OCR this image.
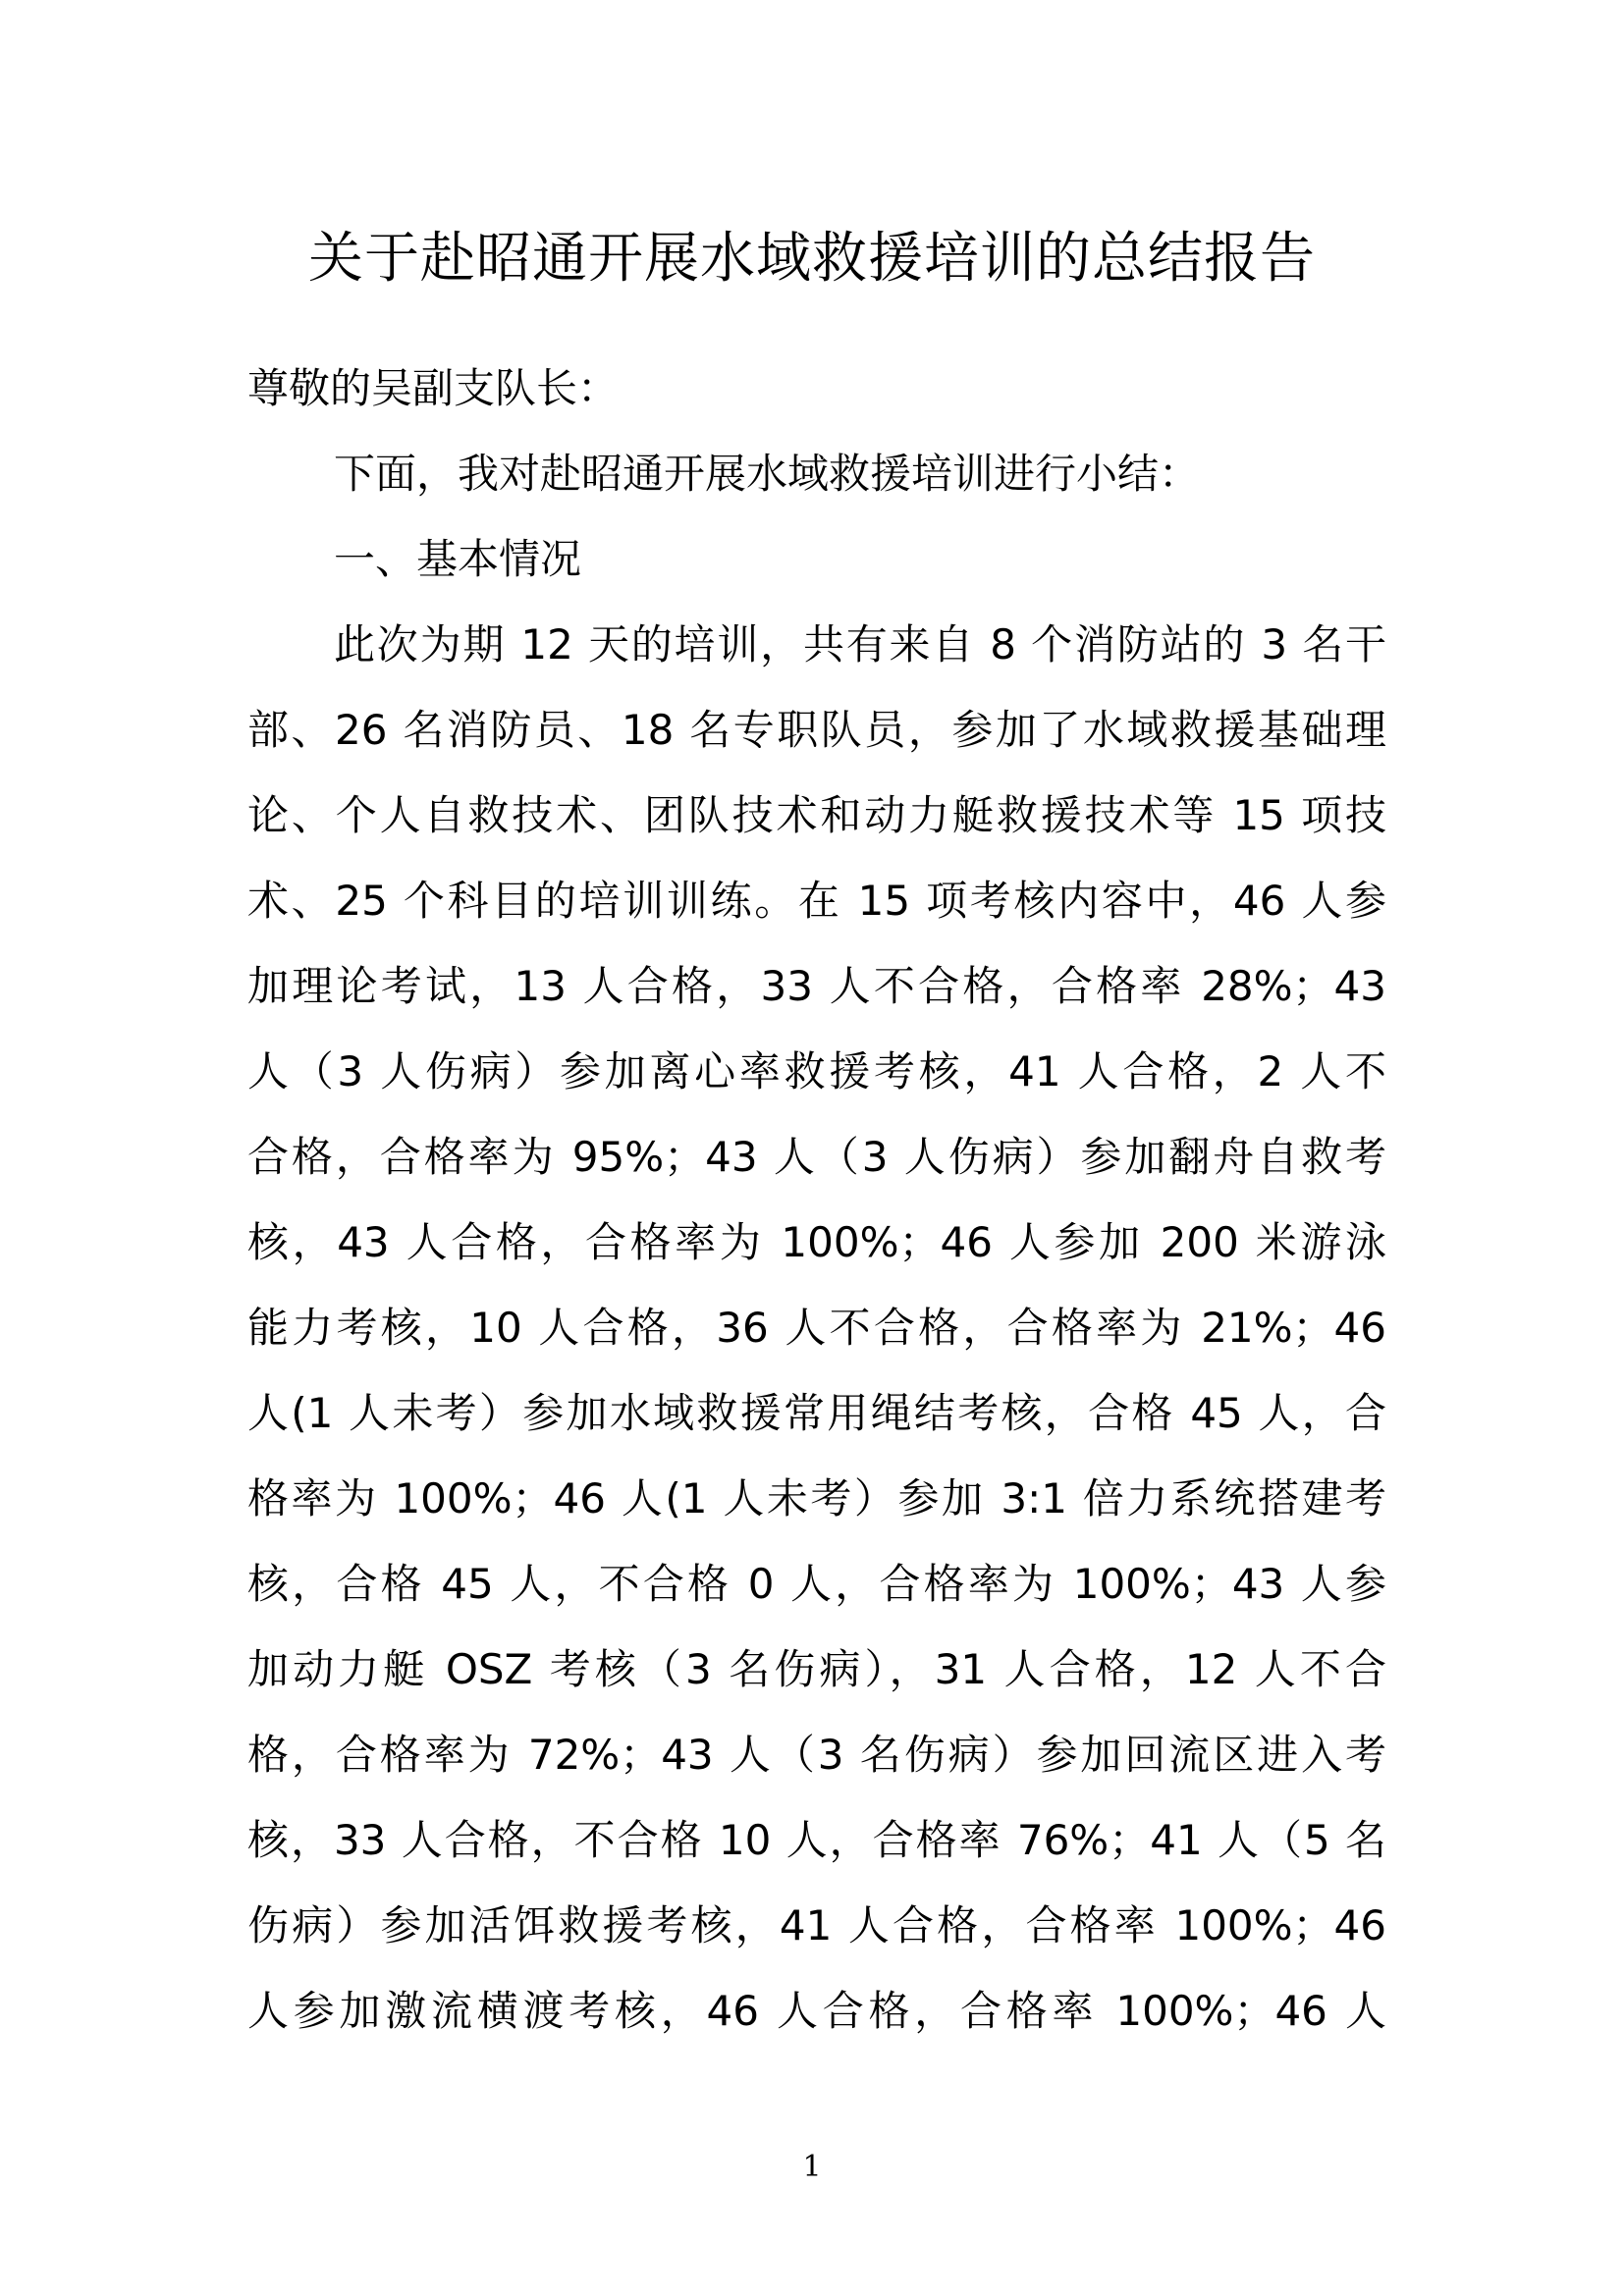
关于赴昭通开展水域救援培训的总结报告
尊敬的吴副支队长：
下面，我对赴昭通开展水域救援培训进行小结：
一、基本情况
此次为期 12 天的培训，共有来自 8 个消防站的 3 名干
部、26 名消防员、18 名专职队员，参加了水域救援基础理
论、个人自救技术、团队技术和动力艇救援技术等 15 项技
术、25 个科目的培训训练。在 15 项考核内容中，46 人参
加理论考试，13 人合格，33 人不合格，合格率 28%；43
人（3 人伤病）参加离心率救援考核，41 人合格，2 人不
合格，合格率为 95%；43 人（3 人伤病）参加翻舟自救考
核，43 人合格，合格率为 100%；46 人参加 200 米游泳
能力考核，10 人合格，36 人不合格，合格率为 21%；46
人(1 人未考）参加水域救援常用绳结考核，合格 45 人，合
格率为 100%；46 人(1 人未考）参加 3:1 倍力系统搭建考
核，合格 45 人，不合格 0 人，合格率为 100%；43 人参
加动力艇 OSZ 考核（3 名伤病），31 人合格，12 人不合
格，合格率为 72%；43 人（3 名伤病）参加回流区进入考
核，33 人合格，不合格 10 人，合格率 76%；41 人（5 名
伤病）参加活饵救援考核，41 人合格，合格率 100%；46
人参加激流横渡考核，46 人合格，合格率 100%；46 人
1
